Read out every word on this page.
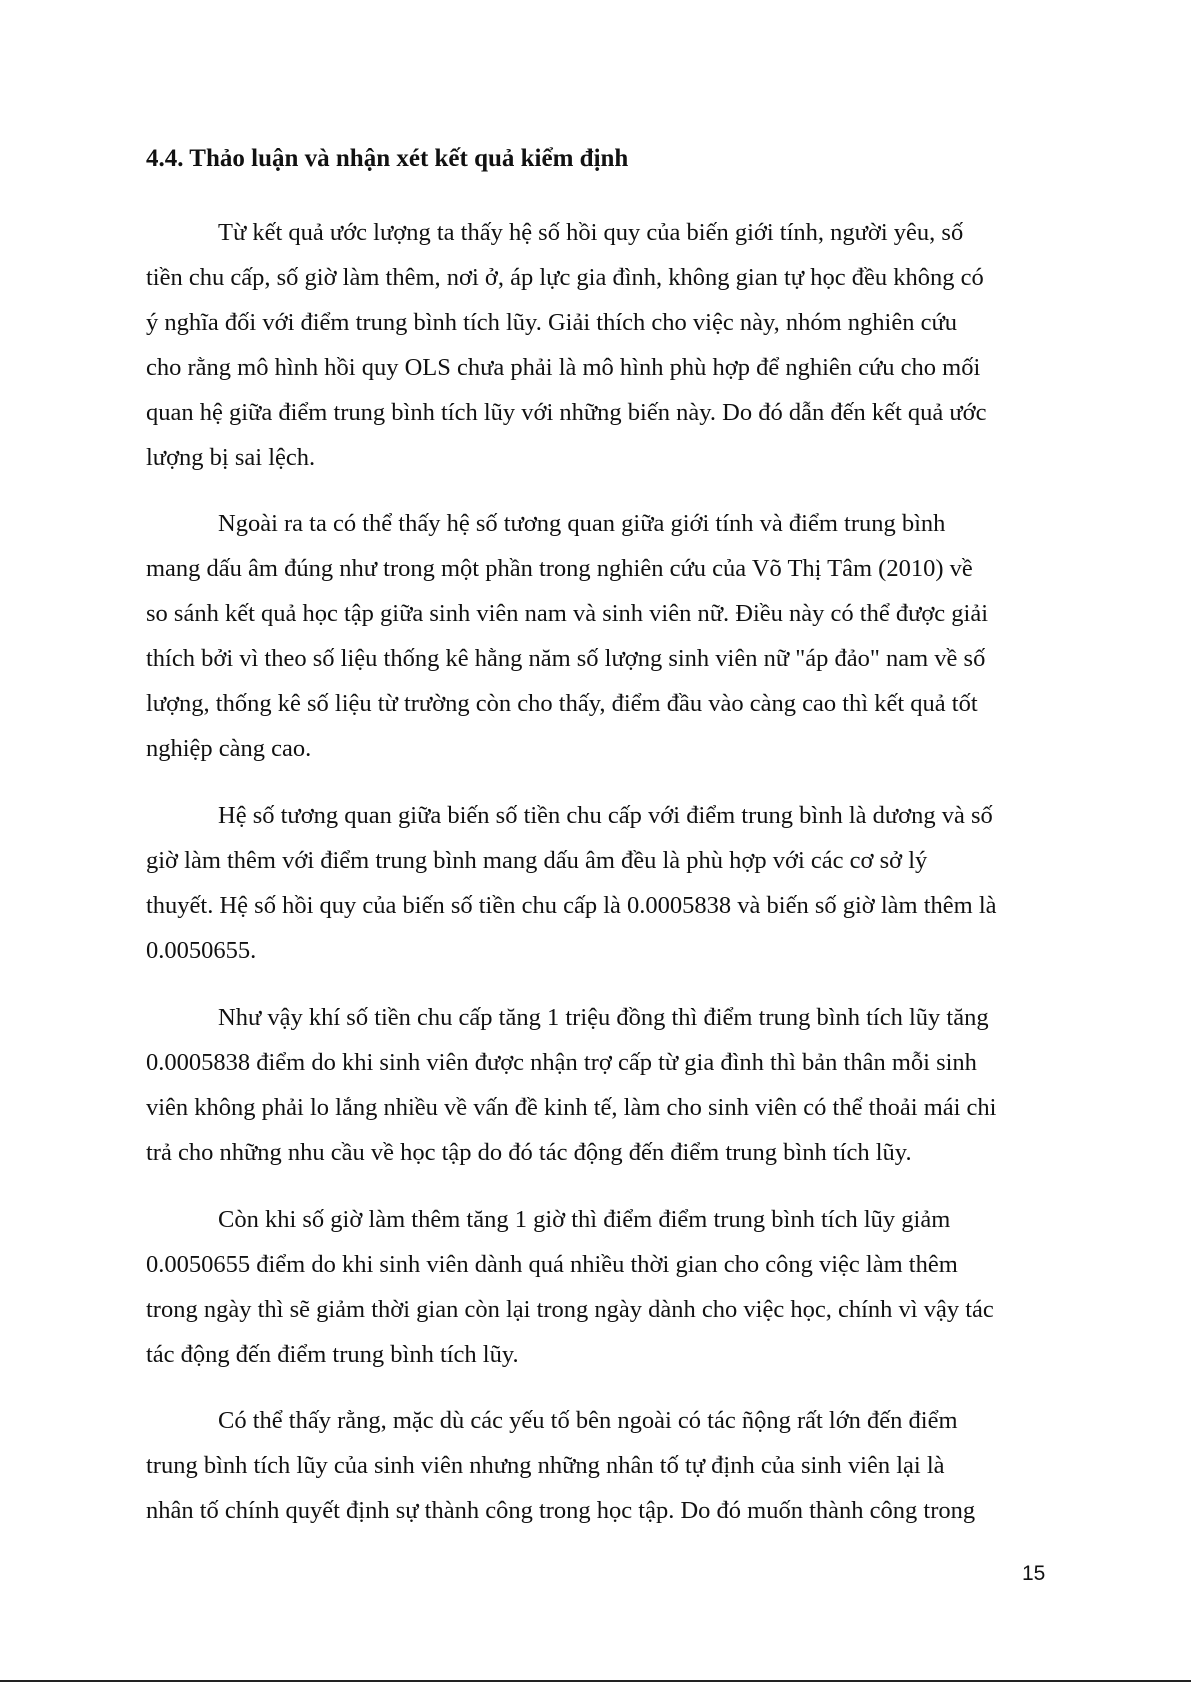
4.4. Thảo luận và nhận xét kết quả kiểm định

Từ kết quả ước lượng ta thấy hệ số hồi quy của biến giới tính, người yêu, số
tiền chu cấp, số giờ làm thêm, nơi ở, áp lực gia đình, không gian tự học đều không có
ý nghĩa đối với điểm trung bình tích lũy. Giải thích cho việc này, nhóm nghiên cứu
cho rằng mô hình hồi quy OLS chưa phải là mô hình phù hợp để nghiên cứu cho mối
quan hệ giữa điểm trung bình tích lũy với những biến này. Do đó dẫn đến kết quả ước
lượng bị sai lệch.

Ngoài ra ta có thể thấy hệ số tương quan giữa giới tính và điểm trung bình
mang dấu âm đúng như trong một phần trong nghiên cứu của Võ Thị Tâm (2010) về
so sánh kết quả học tập giữa sinh viên nam và sinh viên nữ. Điều này có thể được giải
thích bởi vì theo số liệu thống kê hằng năm số lượng sinh viên nữ "áp đảo" nam về số
lượng, thống kê số liệu từ trường còn cho thấy, điểm đầu vào càng cao thì kết quả tốt
nghiệp càng cao.

Hệ số tương quan giữa biến số tiền chu cấp với điểm trung bình là dương và số
giờ làm thêm với điểm trung bình mang dấu âm đều là phù hợp với các cơ sở lý
thuyết. Hệ số hồi quy của biến số tiền chu cấp là 0.0005838 và biến số giờ làm thêm là
0.0050655.

Như vậy khí số tiền chu cấp tăng 1 triệu đồng thì điểm trung bình tích lũy tăng
0.0005838 điểm do khi sinh viên được nhận trợ cấp từ gia đình thì bản thân mỗi sinh
viên không phải lo lắng nhiều về vấn đề kinh tế, làm cho sinh viên có thể thoải mái chi
trả cho những nhu cầu về học tập do đó tác động đến điểm trung bình tích lũy.

Còn khi số giờ làm thêm tăng 1 giờ thì điểm điểm trung bình tích lũy giảm
0.0050655 điểm do khi sinh viên dành quá nhiều thời gian cho công việc làm thêm
trong ngày thì sẽ giảm thời gian còn lại trong ngày dành cho việc học, chính vì vậy tác
tác động đến điểm trung bình tích lũy.

Có thể thấy rằng, mặc dù các yếu tố bên ngoài có tác ñộng rất lớn đến điểm
trung bình tích lũy của sinh viên nhưng những nhân tố tự định của sinh viên lại là
nhân tố chính quyết định sự thành công trong học tập. Do đó muốn thành công trong

15
